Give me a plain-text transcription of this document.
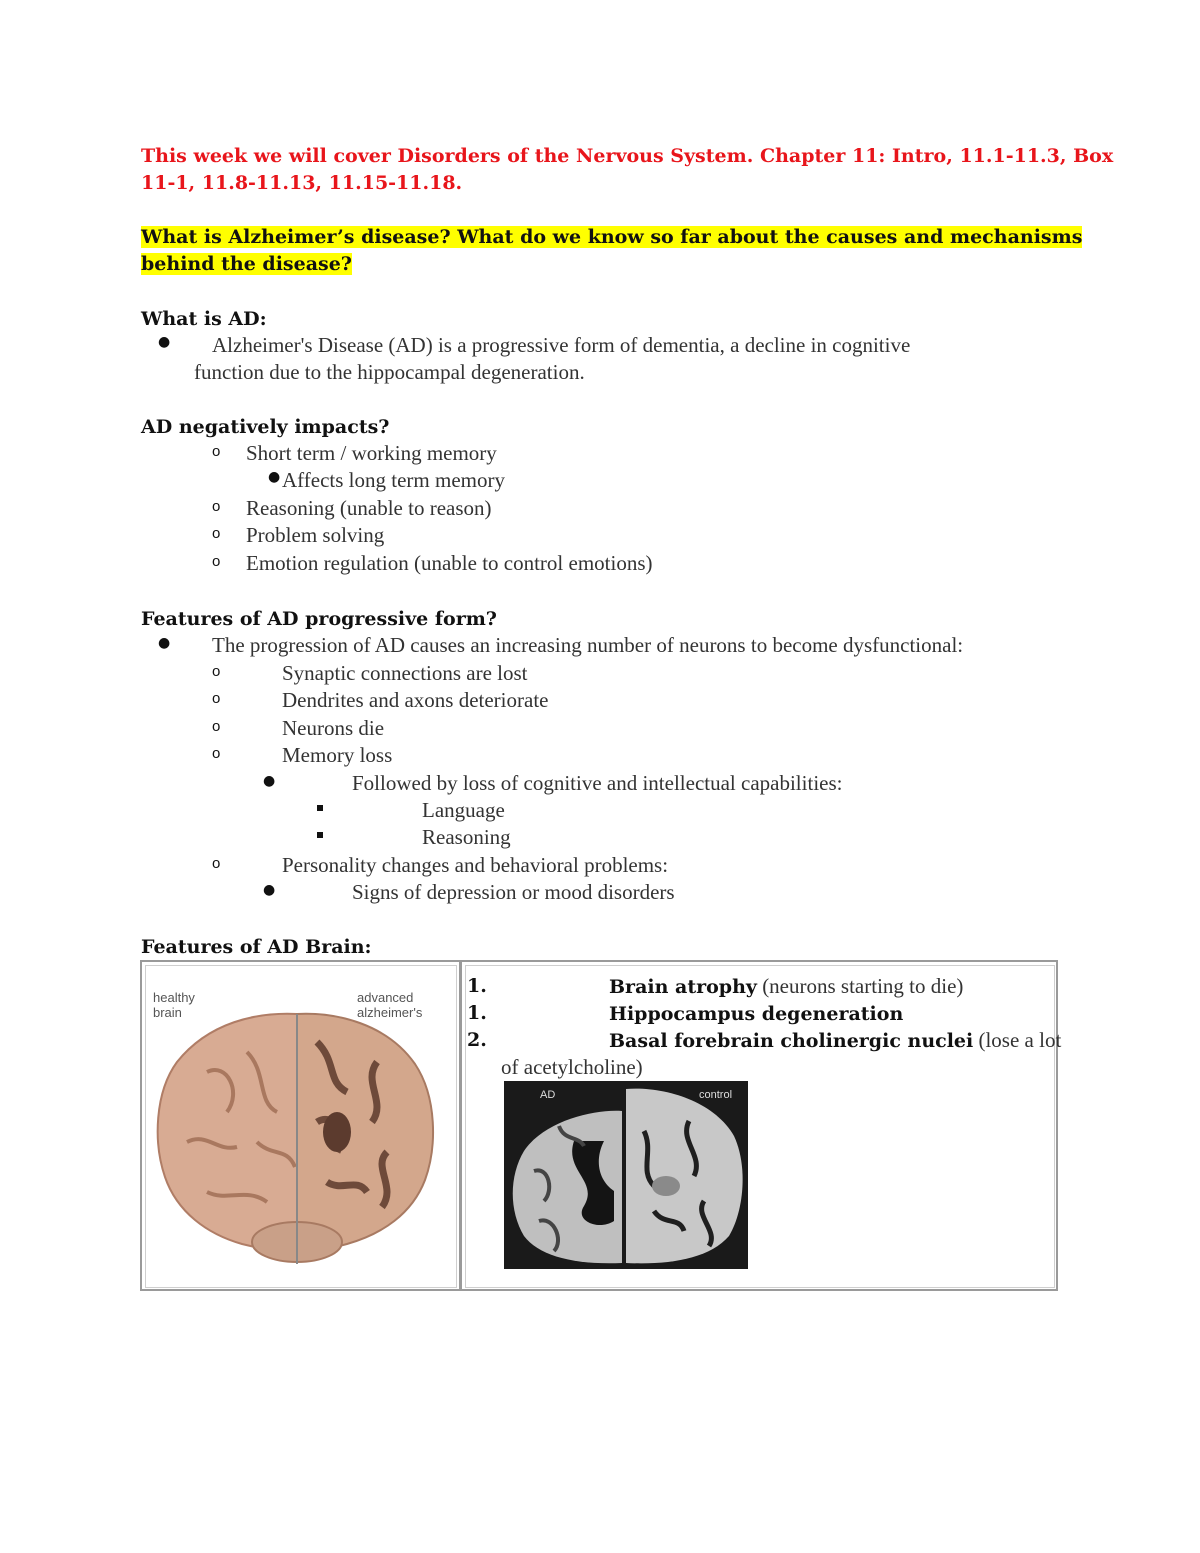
This week we will cover Disorders of the Nervous System. Chapter 11: Intro, 11.1-11.3, Box
11-1, 11.8-11.13, 11.15-11.18.
What is Alzheimer’s disease? What do we know so far about the causes and mechanisms
behind the disease?
What is AD:
● Alzheimer's Disease (AD) is a progressive form of dementia, a decline in cognitive
function due to the hippocampal degeneration.
AD negatively impacts?
o Short term / working memory
● Affects long term memory
o Reasoning (unable to reason)
o Problem solving
o Emotion regulation (unable to control emotions)
Features of AD progressive form?
● The progression of AD causes an increasing number of neurons to become dysfunctional:
o	Synaptic connections are lost
o	Dendrites and axons deteriorate
o	Neurons die
o	Memory loss
●	Followed by loss of cognitive and intellectual capabilities:
Language
Reasoning
o	Personality changes and behavioral problems:
●	Signs of depression or mood disorders
Features of AD Brain:
healthy brain
advanced alzheimer's
1.	Brain atrophy (neurons starting to die)
1.	Hippocampus degeneration
2.	Basal forebrain cholinergic nuclei (lose a lot
of acetylcholine)
AD	control
